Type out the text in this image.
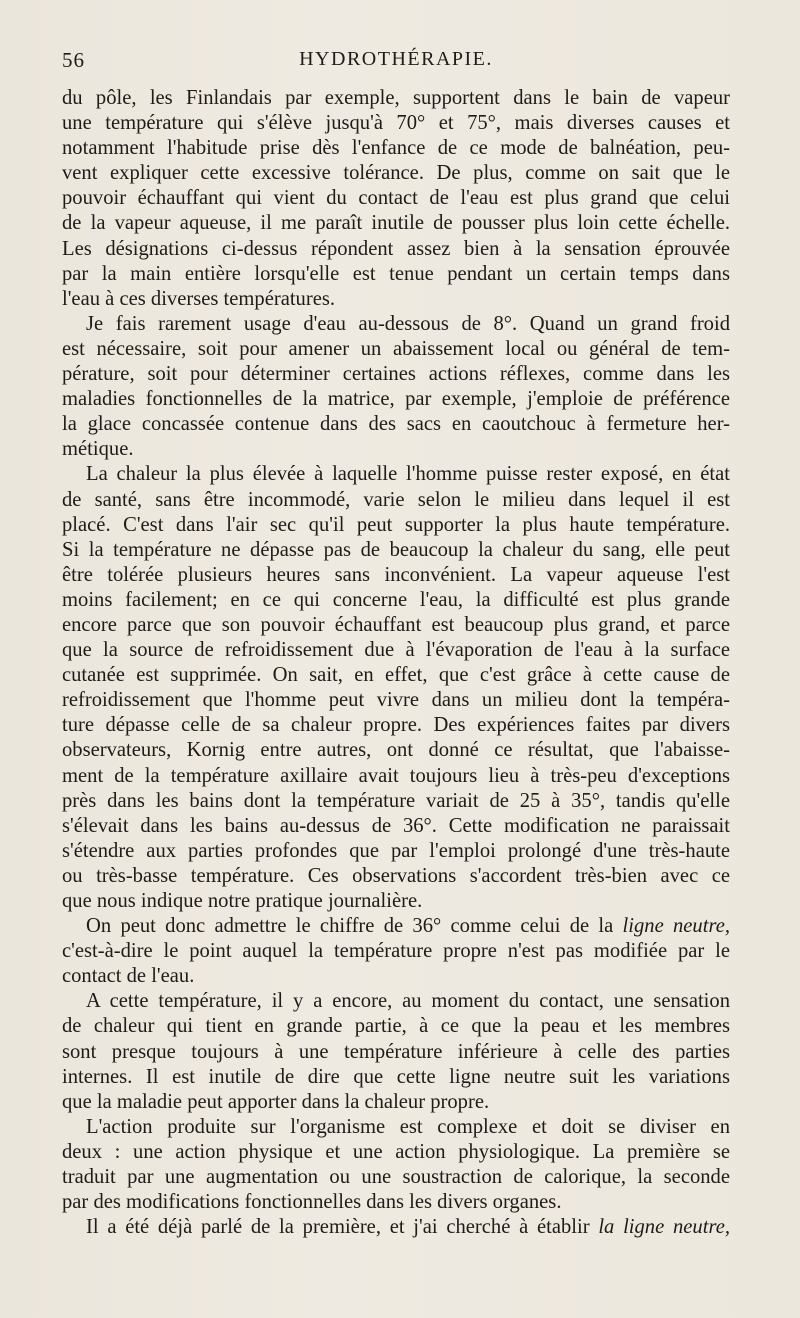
56	HYDROTHÉRAPIE.
du pôle, les Finlandais par exemple, supportent dans le bain de vapeur
une température qui s'élève jusqu'à 70° et 75°, mais diverses causes et
notamment l'habitude prise dès l'enfance de ce mode de balnéation, peu-
vent expliquer cette excessive tolérance. De plus, comme on sait que le
pouvoir échauffant qui vient du contact de l'eau est plus grand que celui
de la vapeur aqueuse, il me paraît inutile de pousser plus loin cette échelle.
Les désignations ci-dessus répondent assez bien à la sensation éprouvée
par la main entière lorsqu'elle est tenue pendant un certain temps dans
l'eau à ces diverses températures.
Je fais rarement usage d'eau au-dessous de 8°. Quand un grand froid
est nécessaire, soit pour amener un abaissement local ou général de tem-
pérature, soit pour déterminer certaines actions réflexes, comme dans les
maladies fonctionnelles de la matrice, par exemple, j'emploie de préférence
la glace concassée contenue dans des sacs en caoutchouc à fermeture her-
métique.
La chaleur la plus élevée à laquelle l'homme puisse rester exposé, en état
de santé, sans être incommodé, varie selon le milieu dans lequel il est
placé. C'est dans l'air sec qu'il peut supporter la plus haute température.
Si la température ne dépasse pas de beaucoup la chaleur du sang, elle peut
être tolérée plusieurs heures sans inconvénient. La vapeur aqueuse l'est
moins facilement; en ce qui concerne l'eau, la difficulté est plus grande
encore parce que son pouvoir échauffant est beaucoup plus grand, et parce
que la source de refroidissement due à l'évaporation de l'eau à la surface
cutanée est supprimée. On sait, en effet, que c'est grâce à cette cause de
refroidissement que l'homme peut vivre dans un milieu dont la tempéra-
ture dépasse celle de sa chaleur propre. Des expériences faites par divers
observateurs, Kornig entre autres, ont donné ce résultat, que l'abaisse-
ment de la température axillaire avait toujours lieu à très-peu d'exceptions
près dans les bains dont la température variait de 25 à 35°, tandis qu'elle
s'élevait dans les bains au-dessus de 36°. Cette modification ne paraissait
s'étendre aux parties profondes que par l'emploi prolongé d'une très-haute
ou très-basse température. Ces observations s'accordent très-bien avec ce
que nous indique notre pratique journalière.
On peut donc admettre le chiffre de 36° comme celui de la ligne neutre,
c'est-à-dire le point auquel la température propre n'est pas modifiée par le
contact de l'eau.
A cette température, il y a encore, au moment du contact, une sensation
de chaleur qui tient en grande partie, à ce que la peau et les membres
sont presque toujours à une température inférieure à celle des parties
internes. Il est inutile de dire que cette ligne neutre suit les variations
que la maladie peut apporter dans la chaleur propre.
L'action produite sur l'organisme est complexe et doit se diviser en
deux : une action physique et une action physiologique. La première se
traduit par une augmentation ou une soustraction de calorique, la seconde
par des modifications fonctionnelles dans les divers organes.
Il a été déjà parlé de la première, et j'ai cherché à établir la ligne neutre,
